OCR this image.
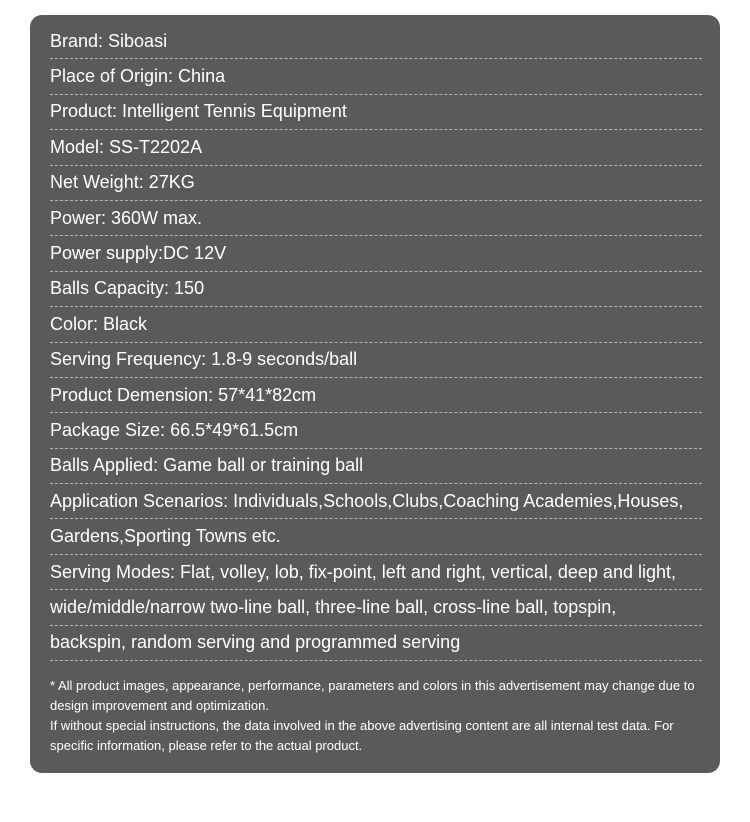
Brand: Siboasi
Place of Origin: China
Product: Intelligent Tennis Equipment
Model: SS-T2202A
Net Weight: 27KG
Power: 360W max.
Power supply:DC 12V
Balls Capacity: 150
Color: Black
Serving Frequency: 1.8-9 seconds/ball
Product Demension: 57*41*82cm
Package Size: 66.5*49*61.5cm
Balls Applied: Game ball or training ball
Application Scenarios: Individuals,Schools,Clubs,Coaching Academies,Houses,
Gardens,Sporting Towns etc.
Serving Modes: Flat, volley, lob, fix-point, left and right, vertical, deep and light,
wide/middle/narrow two-line ball, three-line ball, cross-line ball, topspin,
backspin, random serving and programmed serving

* All product images, appearance, performance, parameters and colors in this advertisement may change due to design improvement and optimization.

If without special instructions, the data involved in the above advertising content are all internal test data. For specific information, please refer to the actual product.
